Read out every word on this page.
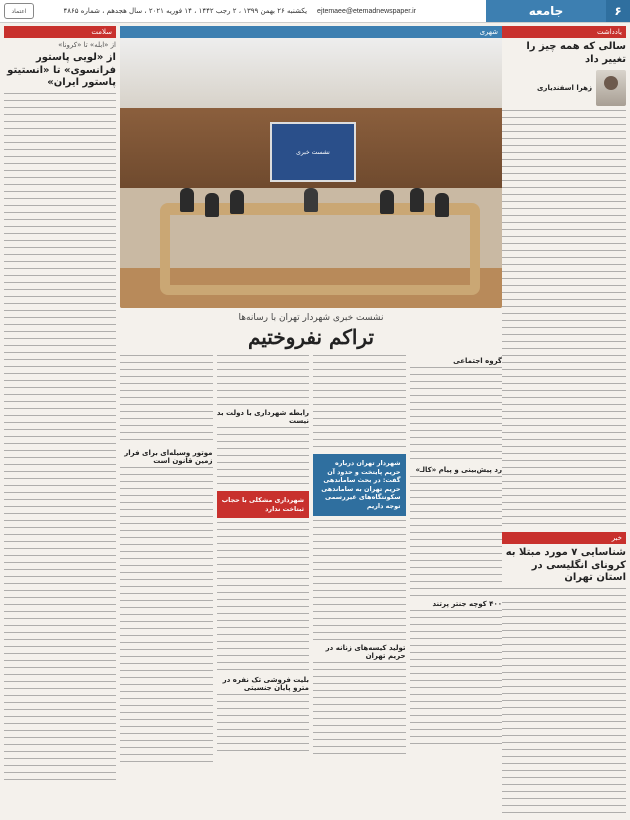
۶
جامعه
ejtemaee@etemadnewspaper.ir
یکشنبه ۲۶ بهمن ۱۳۹۹ ، ۲ رجب ۱۴۴۲ ، ۱۴ فوریه ۲۰۲۱ ، سال هجدهم ، شماره ۴۸۶۵
اعتماد
یادداشت
سالی که همه چیز را تغییر داد
زهرا اسفندیاری
خبر
شناسایی ۷ مورد مبتلا به کرونای انگلیسی در استان تهران
سلامت
از «ابله» تا «کرونا»
از «لویی پاستور فرانسوی» تا «انستیتو پاستور ایران»
شهری
نشست خبری
نشست خبری شهردار تهران با رسانه‌ها
تراکم نفروختیم
گروه اجتماعی
رد پیش‌بینی و پیام «کالـ»
۴۰۰ کوچه جنتر پرتند
شهردار تهران درباره حریم پایتخت و حدود آن گفت: در بحث ساماندهی حریم تهران به ساماندهی سکونتگاه‌های غیررسمی توجه داریم
تولید کیسه‌های زنانه در حریم تهران
رابطه شهرداری با دولت بد نیست
شهرداری مشکلی با حجاب ثبتاخت ندارد
بلیت فروشی تک نفره در مترو پایان جنسیتی
موتور وسیله‌ای برای فرار زمین قانون است
